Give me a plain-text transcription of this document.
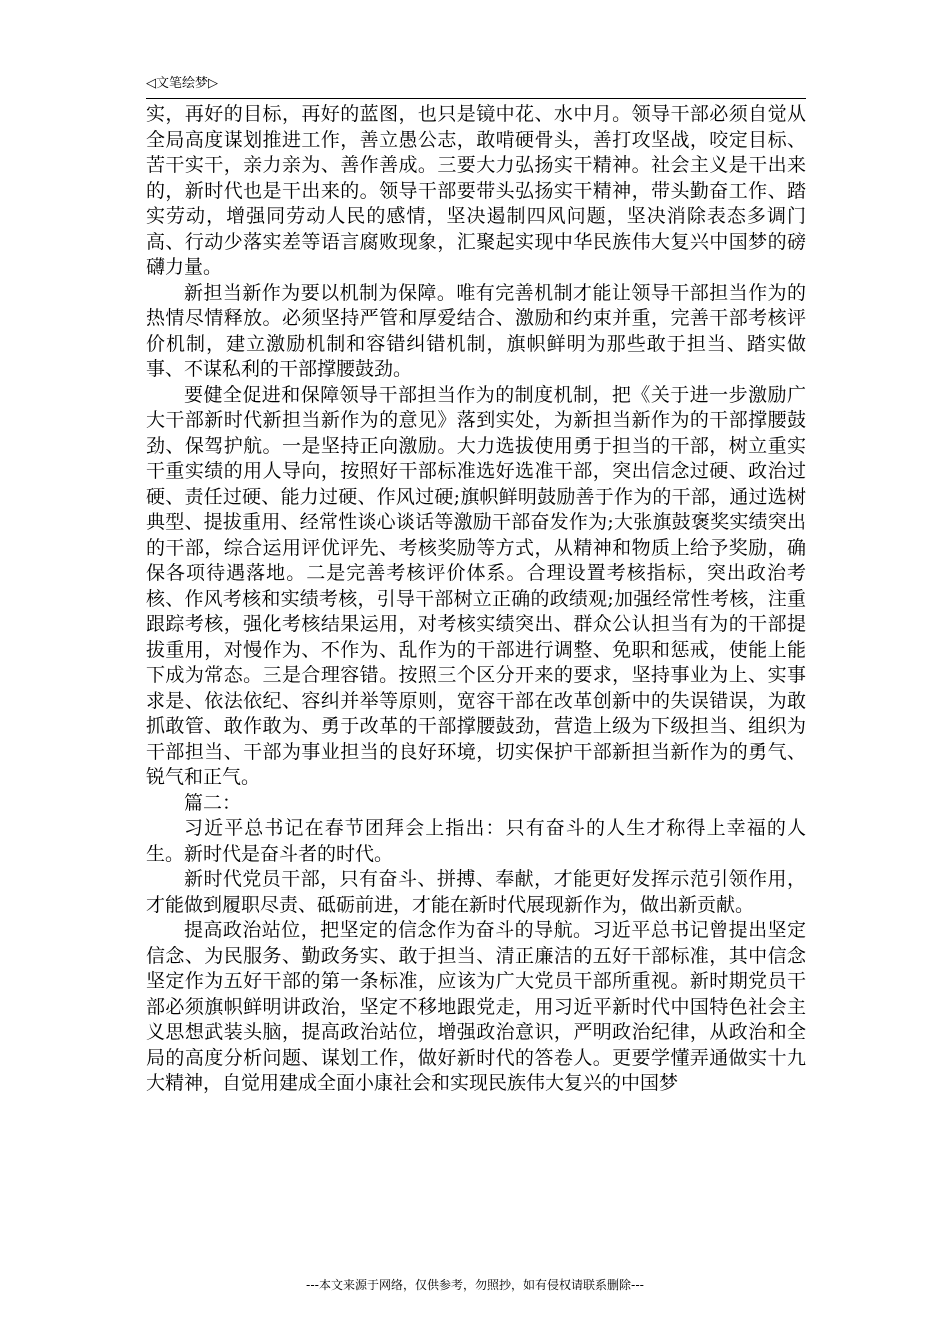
◁文笔绘梦▷

实，再好的目标，再好的蓝图，也只是镜中花、水中月。领导干部必须自觉从全局高度谋划推进工作，善立愚公志，敢啃硬骨头，善打攻坚战，咬定目标、苦干实干，亲力亲为、善作善成。三要大力弘扬实干精神。社会主义是干出来的，新时代也是干出来的。领导干部要带头弘扬实干精神，带头勤奋工作、踏实劳动，增强同劳动人民的感情，坚决遏制四风问题，坚决消除表态多调门高、行动少落实差等语言腐败现象，汇聚起实现中华民族伟大复兴中国梦的磅礴力量。

新担当新作为要以机制为保障。唯有完善机制才能让领导干部担当作为的热情尽情释放。必须坚持严管和厚爱结合、激励和约束并重，完善干部考核评价机制，建立激励机制和容错纠错机制，旗帜鲜明为那些敢于担当、踏实做事、不谋私利的干部撑腰鼓劲。

要健全促进和保障领导干部担当作为的制度机制，把《关于进一步激励广大干部新时代新担当新作为的意见》落到实处，为新担当新作为的干部撑腰鼓劲、保驾护航。一是坚持正向激励。大力选拔使用勇于担当的干部，树立重实干重实绩的用人导向，按照好干部标准选好选准干部，突出信念过硬、政治过硬、责任过硬、能力过硬、作风过硬;旗帜鲜明鼓励善于作为的干部，通过选树典型、提拔重用、经常性谈心谈话等激励干部奋发作为;大张旗鼓褒奖实绩突出的干部，综合运用评优评先、考核奖励等方式，从精神和物质上给予奖励，确保各项待遇落地。二是完善考核评价体系。合理设置考核指标，突出政治考核、作风考核和实绩考核，引导干部树立正确的政绩观;加强经常性考核，注重跟踪考核，强化考核结果运用，对考核实绩突出、群众公认担当有为的干部提拔重用，对慢作为、不作为、乱作为的干部进行调整、免职和惩戒，使能上能下成为常态。三是合理容错。按照三个区分开来的要求，坚持事业为上、实事求是、依法依纪、容纠并举等原则，宽容干部在改革创新中的失误错误，为敢抓敢管、敢作敢为、勇于改革的干部撑腰鼓劲，营造上级为下级担当、组织为干部担当、干部为事业担当的良好环境，切实保护干部新担当新作为的勇气、锐气和正气。

篇二：

习近平总书记在春节团拜会上指出：只有奋斗的人生才称得上幸福的人生。新时代是奋斗者的时代。

新时代党员干部，只有奋斗、拼搏、奉献，才能更好发挥示范引领作用，才能做到履职尽责、砥砺前进，才能在新时代展现新作为，做出新贡献。

提高政治站位，把坚定的信念作为奋斗的导航。习近平总书记曾提出坚定信念、为民服务、勤政务实、敢于担当、清正廉洁的五好干部标准，其中信念坚定作为五好干部的第一条标准，应该为广大党员干部所重视。新时期党员干部必须旗帜鲜明讲政治，坚定不移地跟党走，用习近平新时代中国特色社会主义思想武装头脑，提高政治站位，增强政治意识，严明政治纪律，从政治和全局的高度分析问题、谋划工作，做好新时代的答卷人。更要学懂弄通做实十九大精神，自觉用建成全面小康社会和实现民族伟大复兴的中国梦

---本文来源于网络，仅供参考，勿照抄，如有侵权请联系删除---
